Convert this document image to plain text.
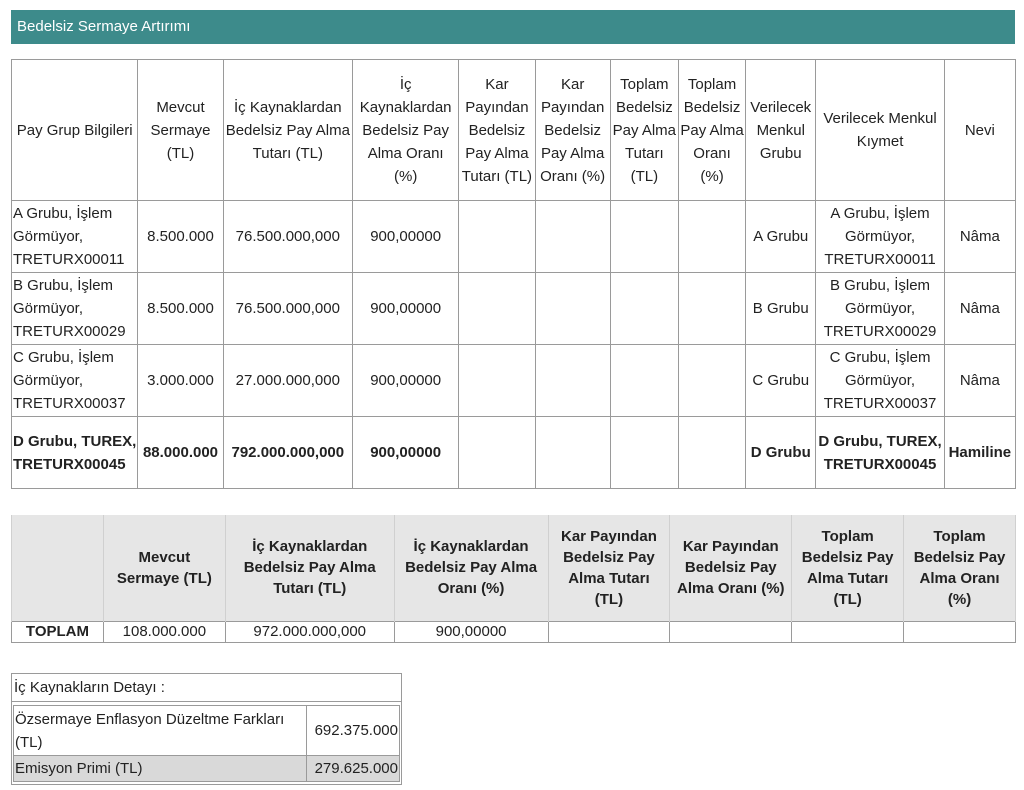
Bedelsiz Sermaye Artırımı
Pay Grup Bilgileri	Mevcut Sermaye (TL)	İç Kaynaklardan Bedelsiz Pay Alma Tutarı (TL)	İç Kaynaklardan Bedelsiz Pay Alma Oranı (%)	Kar Payından Bedelsiz Pay Alma Tutarı (TL)	Kar Payından Bedelsiz Pay Alma Oranı (%)	Toplam Bedelsiz Pay Alma Tutarı (TL)	Toplam Bedelsiz Pay Alma Oranı (%)	Verilecek Menkul Grubu	Verilecek Menkul Kıymet	Nevi
A Grubu, İşlem Görmüyor, TRETURX00011	8.500.000	76.500.000,000	900,00000					A Grubu	A Grubu, İşlem Görmüyor, TRETURX00011	Nâma
B Grubu, İşlem Görmüyor, TRETURX00029	8.500.000	76.500.000,000	900,00000					B Grubu	B Grubu, İşlem Görmüyor, TRETURX00029	Nâma
C Grubu, İşlem Görmüyor, TRETURX00037	3.000.000	27.000.000,000	900,00000					C Grubu	C Grubu, İşlem Görmüyor, TRETURX00037	Nâma
D Grubu, TUREX, TRETURX00045	88.000.000	792.000.000,000	900,00000					D Grubu	D Grubu, TUREX, TRETURX00045	Hamiline
	Mevcut Sermaye (TL)	İç Kaynaklardan Bedelsiz Pay Alma Tutarı (TL)	İç Kaynaklardan Bedelsiz Pay Alma Oranı (%)	Kar Payından Bedelsiz Pay Alma Tutarı (TL)	Kar Payından Bedelsiz Pay Alma Oranı (%)	Toplam Bedelsiz Pay Alma Tutarı (TL)	Toplam Bedelsiz Pay Alma Oranı (%)
TOPLAM	108.000.000	972.000.000,000	900,00000				
İç Kaynakların Detayı :
Özsermaye Enflasyon Düzeltme Farkları (TL)	692.375.000
Emisyon Primi (TL)	279.625.000
